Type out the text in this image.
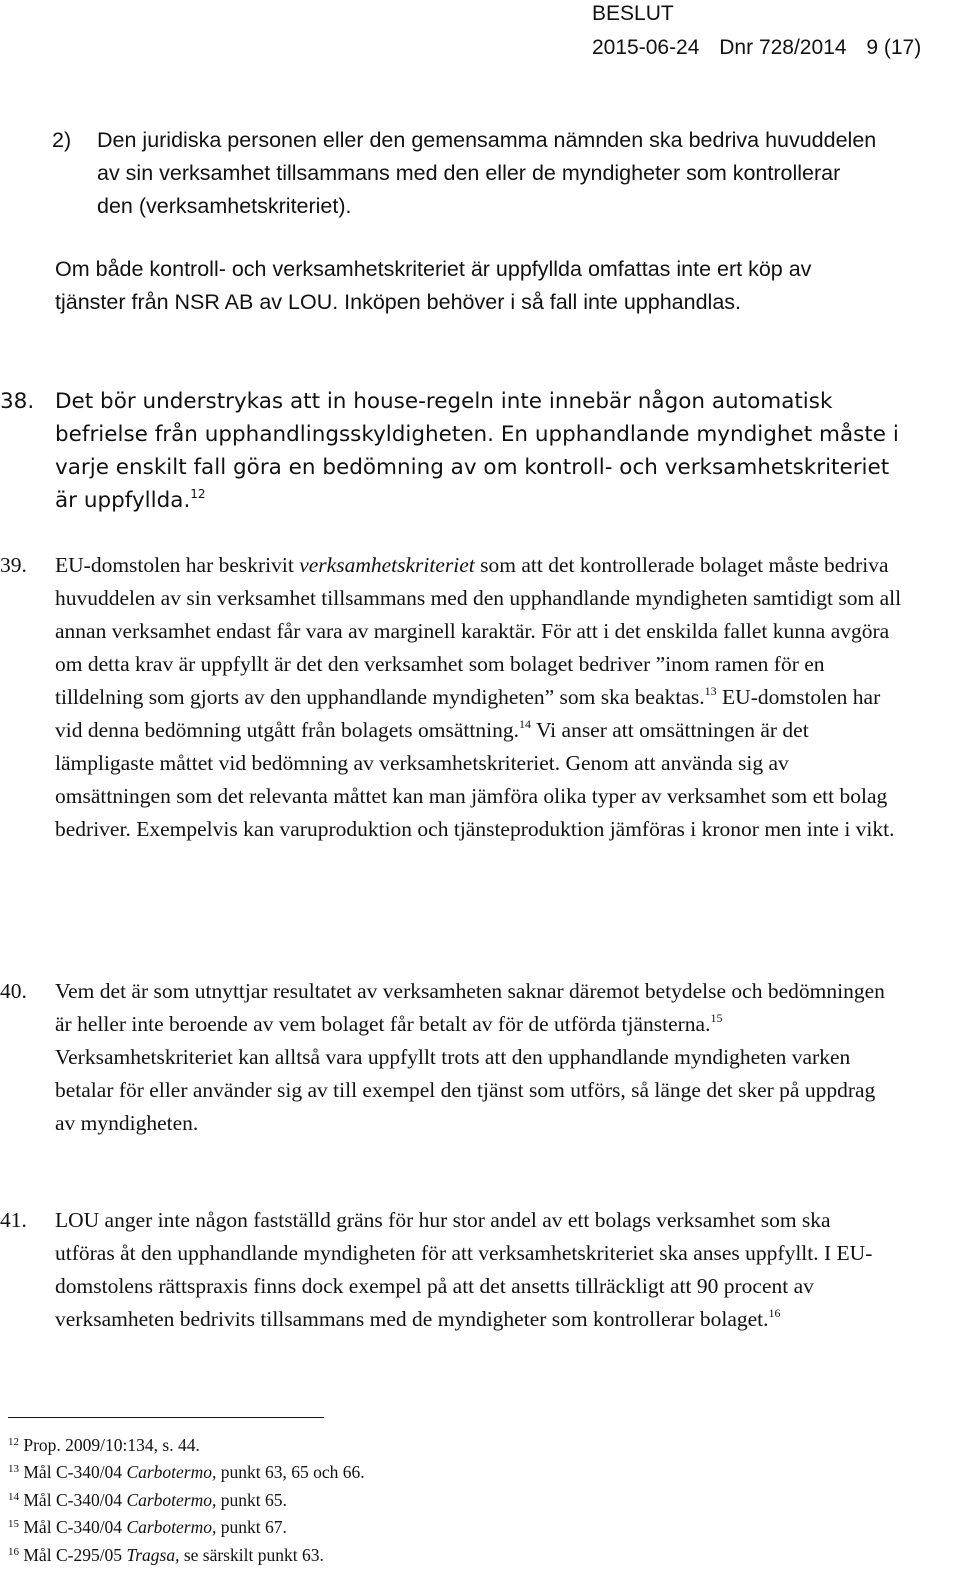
BESLUT
2015-06-24 Dnr 728/2014 9 (17)
2)	Den juridiska personen eller den gemensamma nämnden ska bedriva huvuddelen av sin verksamhet tillsammans med den eller de myndigheter som kontrollerar den (verksamhetskriteriet).

Om både kontroll- och verksamhetskriteriet är uppfyllda omfattas inte ert köp av tjänster från NSR AB av LOU. Inköpen behöver i så fall inte upphandlas.

38. Det bör understrykas att in house-regeln inte innebär någon automatisk befrielse från upphandlingsskyldigheten. En upphandlande myndighet måste i varje enskilt fall göra en bedömning av om kontroll- och verksamhetskriteriet är uppfyllda.$^{12}$

39.	EU-domstolen har beskrivit verksamhetskriteriet som att det kontrollerade bolaget måste bedriva huvuddelen av sin verksamhet tillsammans med den upphandlande myndigheten samtidigt som all annan verksamhet endast får vara av marginell karaktär. För att i det enskilda fallet kunna avgöra om detta krav är uppfyllt är det den verksamhet som bolaget bedriver ”inom ramen för en tilldelning som gjorts av den upphandlande myndigheten” som ska beaktas.$^{13}$ EU-domstolen har vid denna bedömning utgått från bolagets omsättning.$^{14}$ Vi anser att omsättningen är det lämpligaste måttet vid bedömning av verksamhetskriteriet. Genom att använda sig av omsättningen som det relevanta måttet kan man jämföra olika typer av verksamhet som ett bolag bedriver. Exempelvis kan varuproduktion och tjänsteproduktion jämföras i kronor men inte i vikt.

40.	Vem det är som utnyttjar resultatet av verksamheten saknar däremot betydelse och bedömningen är heller inte beroende av vem bolaget får betalt av för de utförda tjänsterna.$^{15}$ Verksamhetskriteriet kan alltså vara uppfyllt trots att den upphandlande myndigheten varken betalar för eller använder sig av till exempel den tjänst som utförs, så länge det sker på uppdrag av myndigheten.

41.	LOU anger inte någon fastställd gräns för hur stor andel av ett bolags verksamhet som ska utföras åt den upphandlande myndigheten för att verksamhetskriteriet ska anses uppfyllt. I EU-domstolens rättspraxis finns dock exempel på att det ansetts tillräckligt att 90 procent av verksamheten bedrivits tillsammans med de myndigheter som kontrollerar bolaget.$^{16}$

$^{12}$ Prop. 2009/10:134, s. 44.
$^{13}$ Mål C-340/04 Carbotermo, punkt 63, 65 och 66.
$^{14}$ Mål C-340/04 Carbotermo, punkt 65.
$^{15}$ Mål C-340/04 Carbotermo, punkt 67.
$^{16}$ Mål C-295/05 Tragsa, se särskilt punkt 63.
